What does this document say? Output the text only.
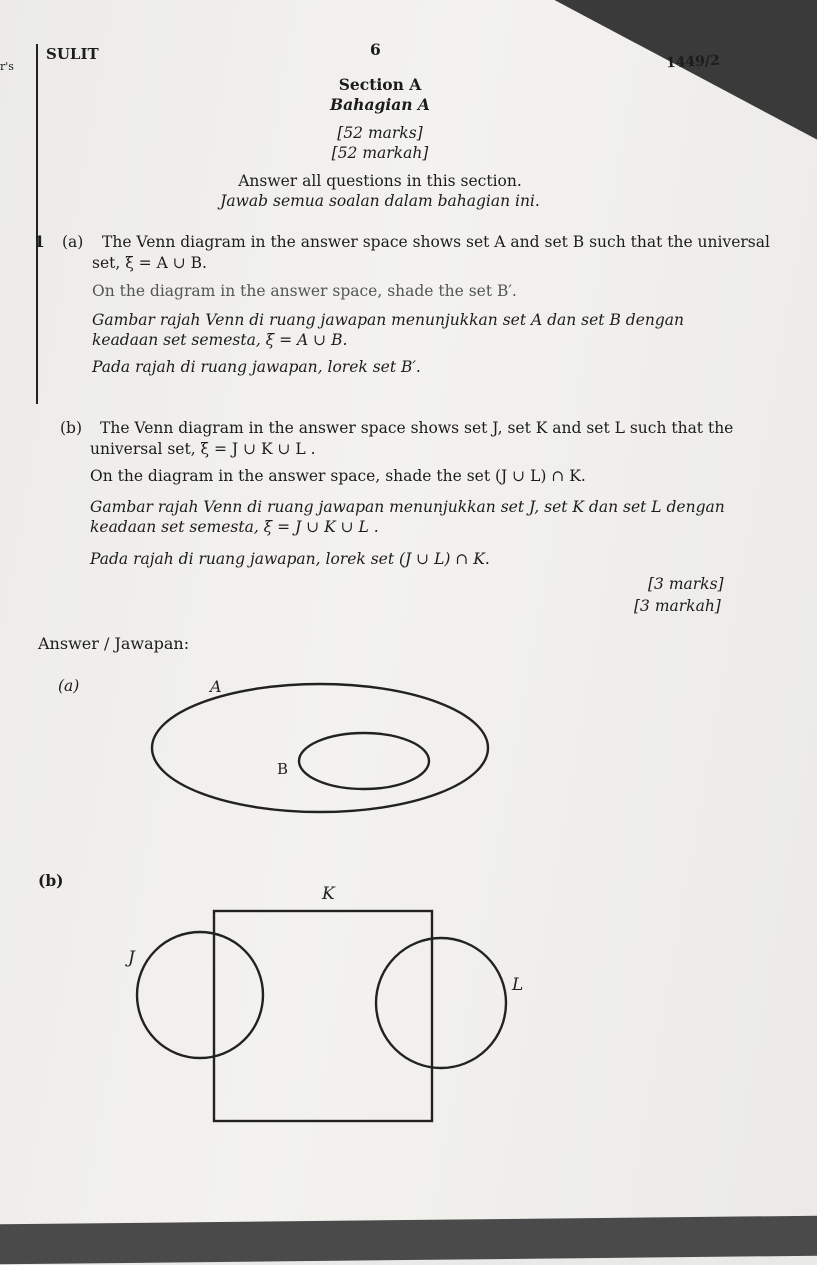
SULIT	6
1449/2
r's
Section A
Bahagian A
[52 marks]
[52 markah]
Answer all questions in this section.
Jawab semua soalan dalam bahagian ini.
1 (a) The Venn diagram in the answer space shows set A and set B such that the universal
set, ξ = A ∪ B.
On the diagram in the answer space, shade the set B′.
Gambar rajah Venn di ruang jawapan menunjukkan set A dan set B dengan
keadaan set semesta, ξ = A ∪ B.
Pada rajah di ruang jawapan, lorek set B′.
(b) The Venn diagram in the answer space shows set J, set K and set L such that the
universal set, ξ = J ∪ K ∪ L .
On the diagram in the answer space, shade the set (J ∪ L) ∩ K.
Gambar rajah Venn di ruang jawapan menunjukkan set J, set K dan set L dengan
keadaan set semesta, ξ = J ∪ K ∪ L .
Pada rajah di ruang jawapan, lorek set (J ∪ L) ∩ K.
[3 marks]
[3 markah]
Answer / Jawapan:
(a)	A
B
(b)
K
J
L
